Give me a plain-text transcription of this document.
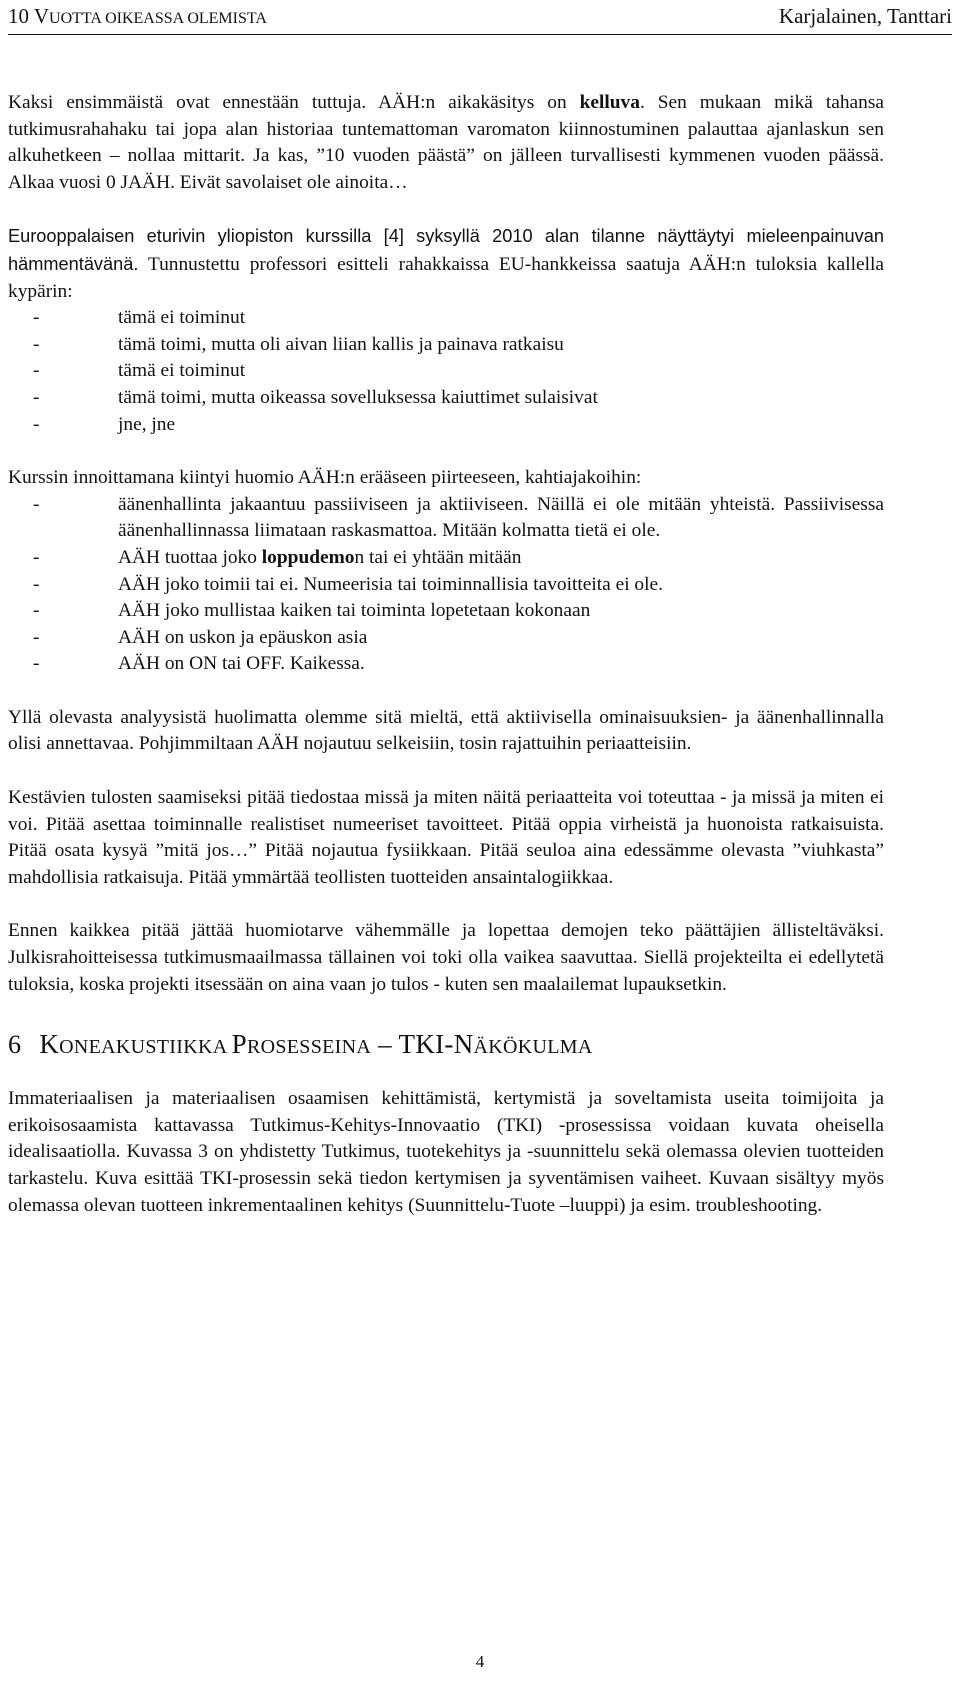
10 VUOTTA OIKEASSA OLEMISTA	Karjalainen, Tanttari

Kaksi ensimmäistä ovat ennestään tuttuja. AÄH:n aikakäsitys on kelluva. Sen mukaan mikä tahansa tutkimusrahahaku tai jopa alan historiaa tuntemattoman varomaton kiinnostuminen palauttaa ajanlaskun sen alkuhetkeen – nollaa mittarit. Ja kas, ”10 vuoden päästä” on jälleen turvallisesti kymmenen vuoden päässä. Alkaa vuosi 0 JAÄH. Eivät savolaiset ole ainoita…

Eurooppalaisen eturivin yliopiston kurssilla [4] syksyllä 2010 alan tilanne näyttäytyi mieleenpainuvan hämmentävänä. Tunnustettu professori esitteli rahakkaissa EU-hankkeissa saatuja AÄH:n tuloksia kallella kypärin:

- tämä ei toiminut
- tämä toimi, mutta oli aivan liian kallis ja painava ratkaisu
- tämä ei toiminut
- tämä toimi, mutta oikeassa sovelluksessa kaiuttimet sulaisivat
- jne, jne

Kurssin innoittamana kiintyi huomio AÄH:n erääseen piirteeseen, kahtiajakoihin:

- äänenhallinta jakaantuu passiiviseen ja aktiiviseen. Näillä ei ole mitään yhteistä. Passiivisessa äänenhallinnassa liimataan raskasmattoa. Mitään kolmatta tietä ei ole.
- AÄH tuottaa joko loppudemon tai ei yhtään mitään
- AÄH joko toimii tai ei. Numeerisia tai toiminnallisia tavoitteita ei ole.
- AÄH joko mullistaa kaiken tai toiminta lopetetaan kokonaan
- AÄH on uskon ja epäuskon asia
- AÄH on ON tai OFF. Kaikessa.

Yllä olevasta analyysistä huolimatta olemme sitä mieltä, että aktiivisella ominaisuuksien- ja äänenhallinnalla olisi annettavaa. Pohjimmiltaan AÄH nojautuu selkeisiin, tosin rajattuihin periaatteisiin.

Kestävien tulosten saamiseksi pitää tiedostaa missä ja miten näitä periaatteita voi toteuttaa - ja missä ja miten ei voi. Pitää asettaa toiminnalle realistiset numeeriset tavoitteet. Pitää oppia virheistä ja huonoista ratkaisuista. Pitää osata kysyä ”mitä jos…” Pitää nojautua fysiikkaan. Pitää seuloa aina edessämme olevasta ”viuhkasta” mahdollisia ratkaisuja. Pitää ymmärtää teollisten tuotteiden ansaintalogiikkaa.

Ennen kaikkea pitää jättää huomiotarve vähemmälle ja lopettaa demojen teko päättäjien ällisteltäväksi. Julkisrahoitteisessa tutkimusmaailmassa tällainen voi toki olla vaikea saavuttaa. Siellä projekteilta ei edellytetä tuloksia, koska projekti itsessään on aina vaan jo tulos - kuten sen maalailemat lupauksetkin.

6 KONEAKUSTIIKKA PROSESSEINA – TKI-NÄKÖKULMA

Immateriaalisen ja materiaalisen osaamisen kehittämistä, kertymistä ja soveltamista useita toimijoita ja erikoisosaamista kattavassa Tutkimus-Kehitys-Innovaatio (TKI) -prosessissa voidaan kuvata oheisella idealisaatiolla. Kuvassa 3 on yhdistetty Tutkimus, tuotekehitys ja -suunnittelu sekä olemassa olevien tuotteiden tarkastelu. Kuva esittää TKI-prosessin sekä tiedon kertymisen ja syventämisen vaiheet. Kuvaan sisältyy myös olemassa olevan tuotteen inkrementaalinen kehitys (Suunnittelu-Tuote –luuppi) ja esim. troubleshooting.

4
